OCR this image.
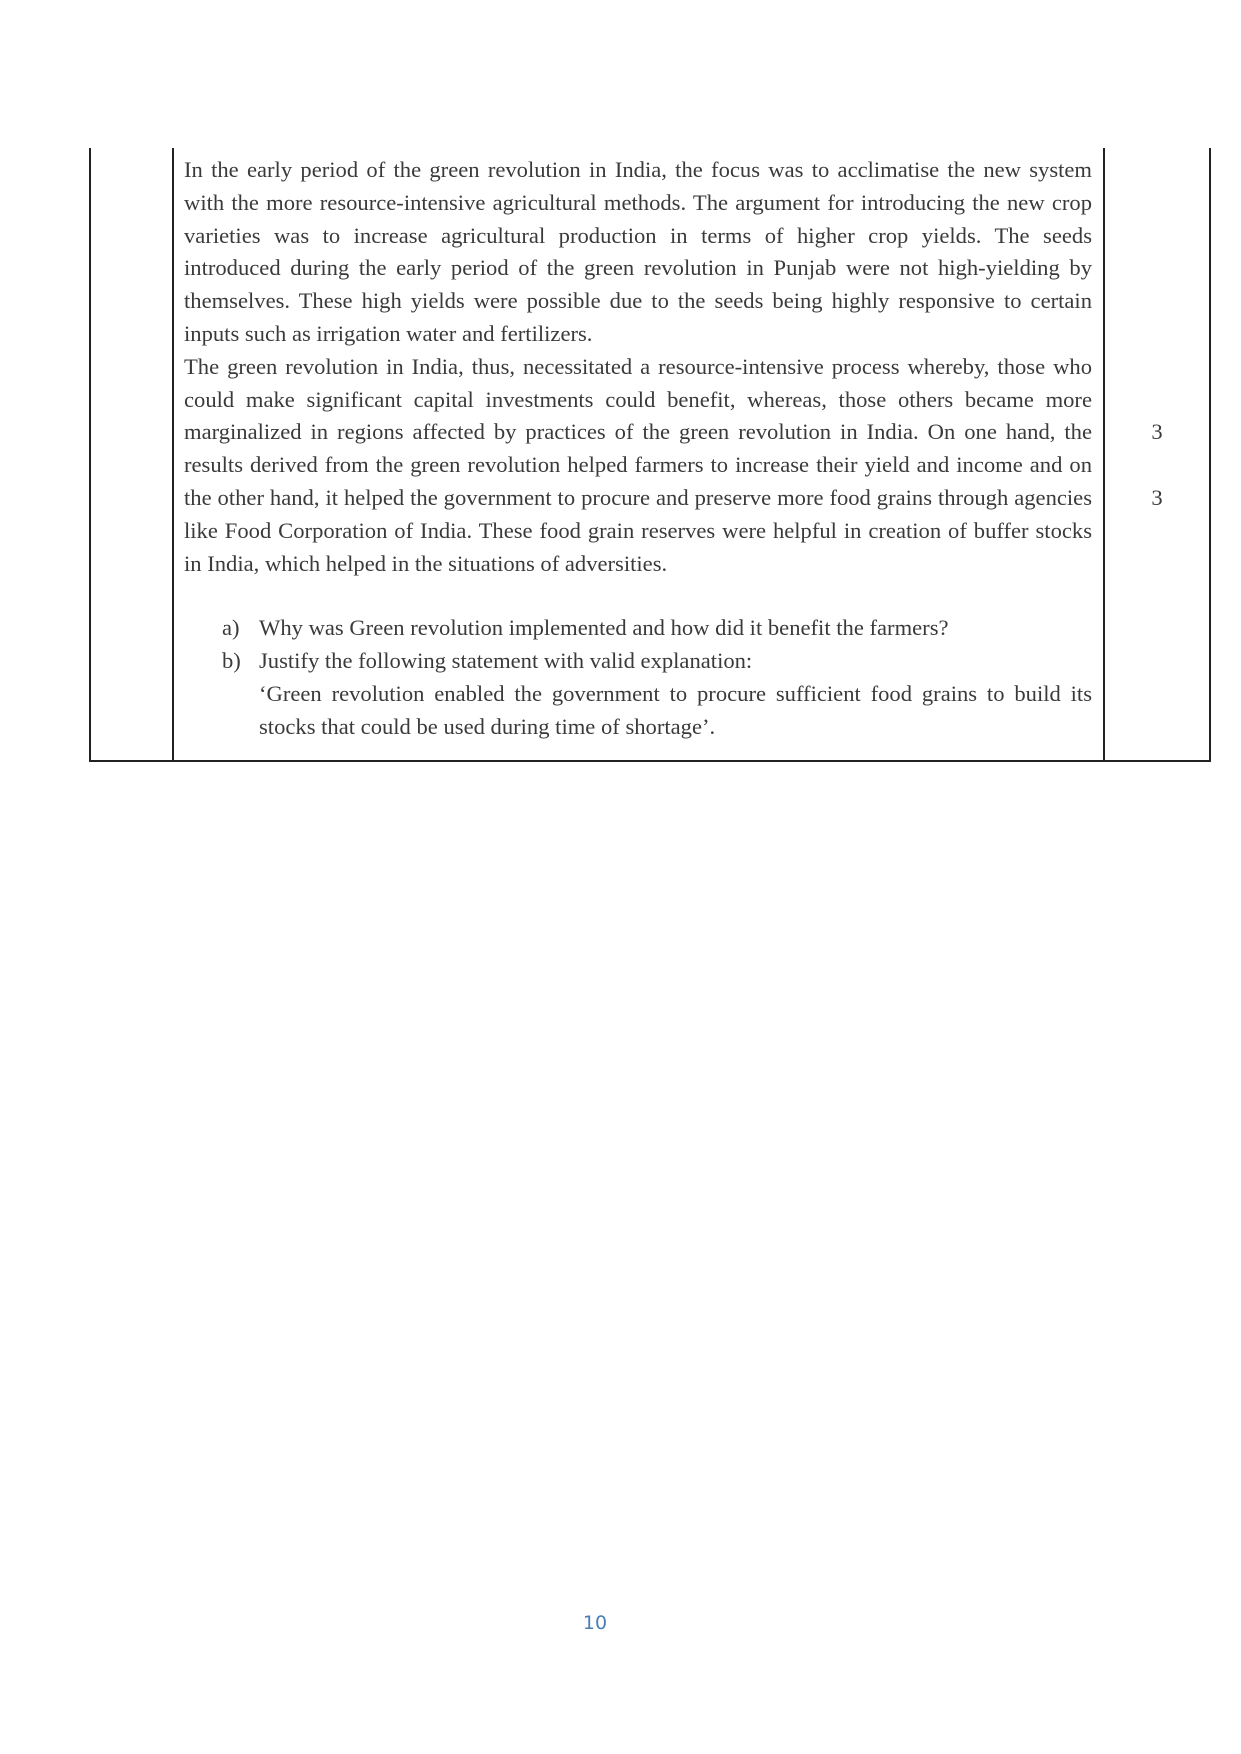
In the early period of the green revolution in India, the focus was to acclimatise the new system with the more resource-intensive agricultural methods. The argument for introducing the new crop varieties was to increase agricultural production in terms of higher crop yields. The seeds introduced during the early period of the green revolution in Punjab were not high-yielding by themselves. These high yields were possible due to the seeds being highly responsive to certain inputs such as irrigation water and fertilizers.

The green revolution in India, thus, necessitated a resource-intensive process whereby, those who could make significant capital investments could benefit, whereas, those others became more marginalized in regions affected by practices of the green revolution in India. On one hand, the results derived from the green revolution helped farmers to increase their yield and income and on the other hand, it helped the government to procure and preserve more food grains through agencies like Food Corporation of India. These food grain reserves were helpful in creation of buffer stocks in India, which helped in the situations of adversities.

a) Why was Green revolution implemented and how did it benefit the farmers?
b) Justify the following statement with valid explanation:
‘Green revolution enabled the government to procure sufficient food grains to build its stocks that could be used during time of shortage’.
3
3
10
